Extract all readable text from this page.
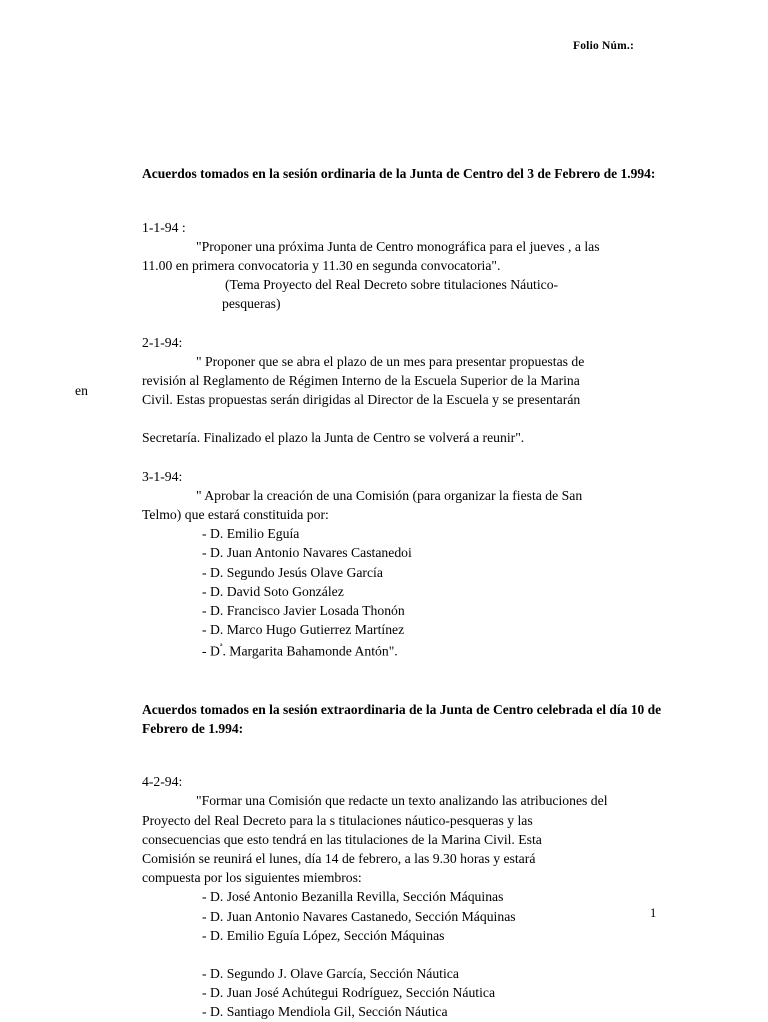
Folio Núm.:

Acuerdos tomados en la sesión ordinaria de la Junta de Centro del 3 de Febrero de 1.994:

1-1-94 :

"Proponer una próxima Junta de Centro monográfica para el jueves , a las

11.00 en primera convocatoria y 11.30 en segunda convocatoria".

(Tema Proyecto del Real Decreto sobre titulaciones Náutico-

pesqueras)

2-1-94:

" Proponer que se abra el plazo de un mes para presentar propuestas de

revisión al Reglamento de Régimen Interno de la Escuela Superior de la Marina

Civil. Estas propuestas serán dirigidas al Director de la Escuela y se presentarán

Secretaría. Finalizado el plazo la Junta de Centro se volverá a reunir".

3-1-94:

" Aprobar la creación de una Comisión (para organizar la fiesta de San

Telmo) que estará constituida por:

- D. Emilio Eguía

- D. Juan Antonio Navares Castanedoi

- D. Segundo Jesús Olave García

- D. David Soto González

- D. Francisco Javier Losada Thonón

- D. Marco Hugo Gutierrez Martínez

- $D^ª$. Margarita Bahamonde Antón".

Acuerdos tomados en la sesión extraordinaria de la Junta de Centro celebrada el día 10 de Febrero de 1.994:

4-2-94:

"Formar una Comisión que redacte un texto analizando las atribuciones del

Proyecto del Real Decreto para la s titulaciones náutico-pesqueras y las

consecuencias que esto tendrá en las titulaciones de la Marina Civil. Esta

Comisión se reunirá el lunes, día 14 de febrero, a las 9.30 horas y estará

compuesta por los siguientes miembros:

- D. José Antonio Bezanilla Revilla, Sección Máquinas

- D. Juan Antonio Navares Castanedo, Sección Máquinas

- D. Emilio Eguía López, Sección Máquinas

- D. Segundo J. Olave García, Sección Náutica

- D. Juan José Achútegui Rodríguez, Sección Náutica

- D. Santiago Mendiola Gil, Sección Náutica

en
1
